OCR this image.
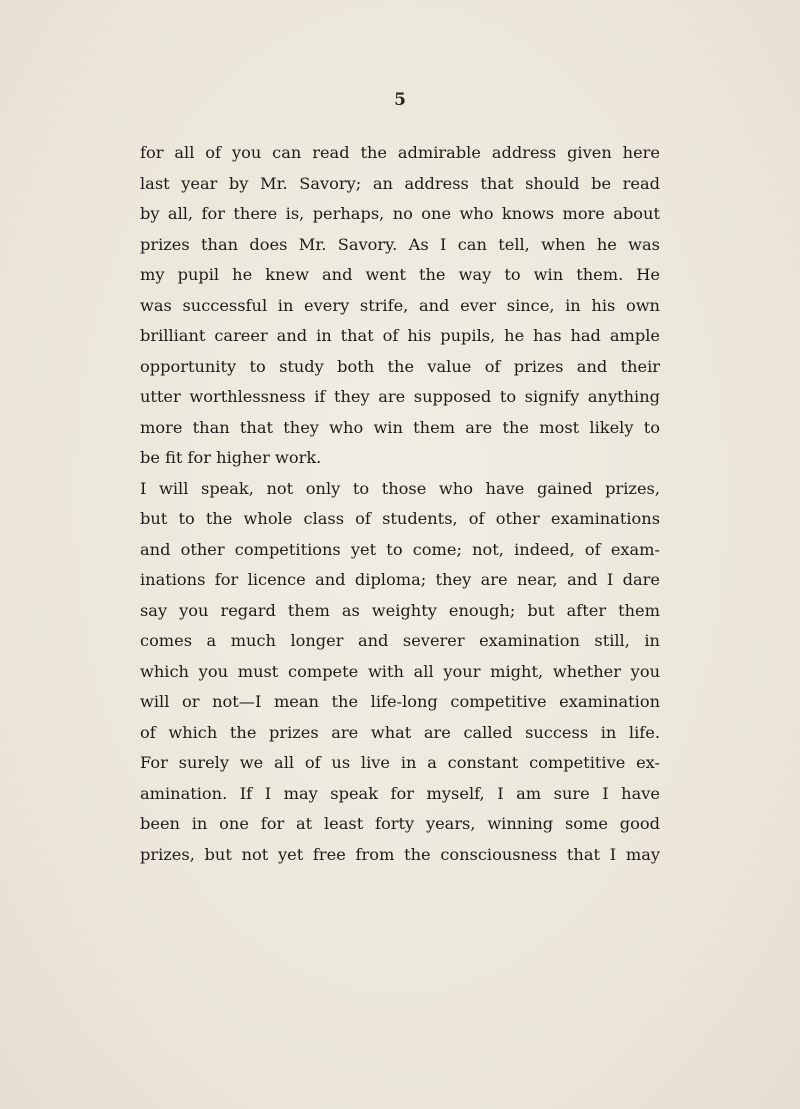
5
for all of you can read the admirable address given here
last year by Mr. Savory; an address that should be read
by all, for there is, perhaps, no one who knows more about
prizes than does Mr. Savory. As I can tell, when he was
my pupil he knew and went the way to win them. He
was successful in every strife, and ever since, in his own
brilliant career and in that of his pupils, he has had ample
opportunity to study both the value of prizes and their
utter worthlessness if they are supposed to signify anything
more than that they who win them are the most likely to
be fit for higher work.
I will speak, not only to those who have gained prizes,
but to the whole class of students, of other examinations
and other competitions yet to come; not, indeed, of exam-
inations for licence and diploma; they are near, and I dare
say you regard them as weighty enough; but after them
comes a much longer and severer examination still, in
which you must compete with all your might, whether you
will or not—I mean the life-long competitive examination
of which the prizes are what are called success in life.
For surely we all of us live in a constant competitive ex-
amination. If I may speak for myself, I am sure I have
been in one for at least forty years, winning some good
prizes, but not yet free from the consciousness that I may
